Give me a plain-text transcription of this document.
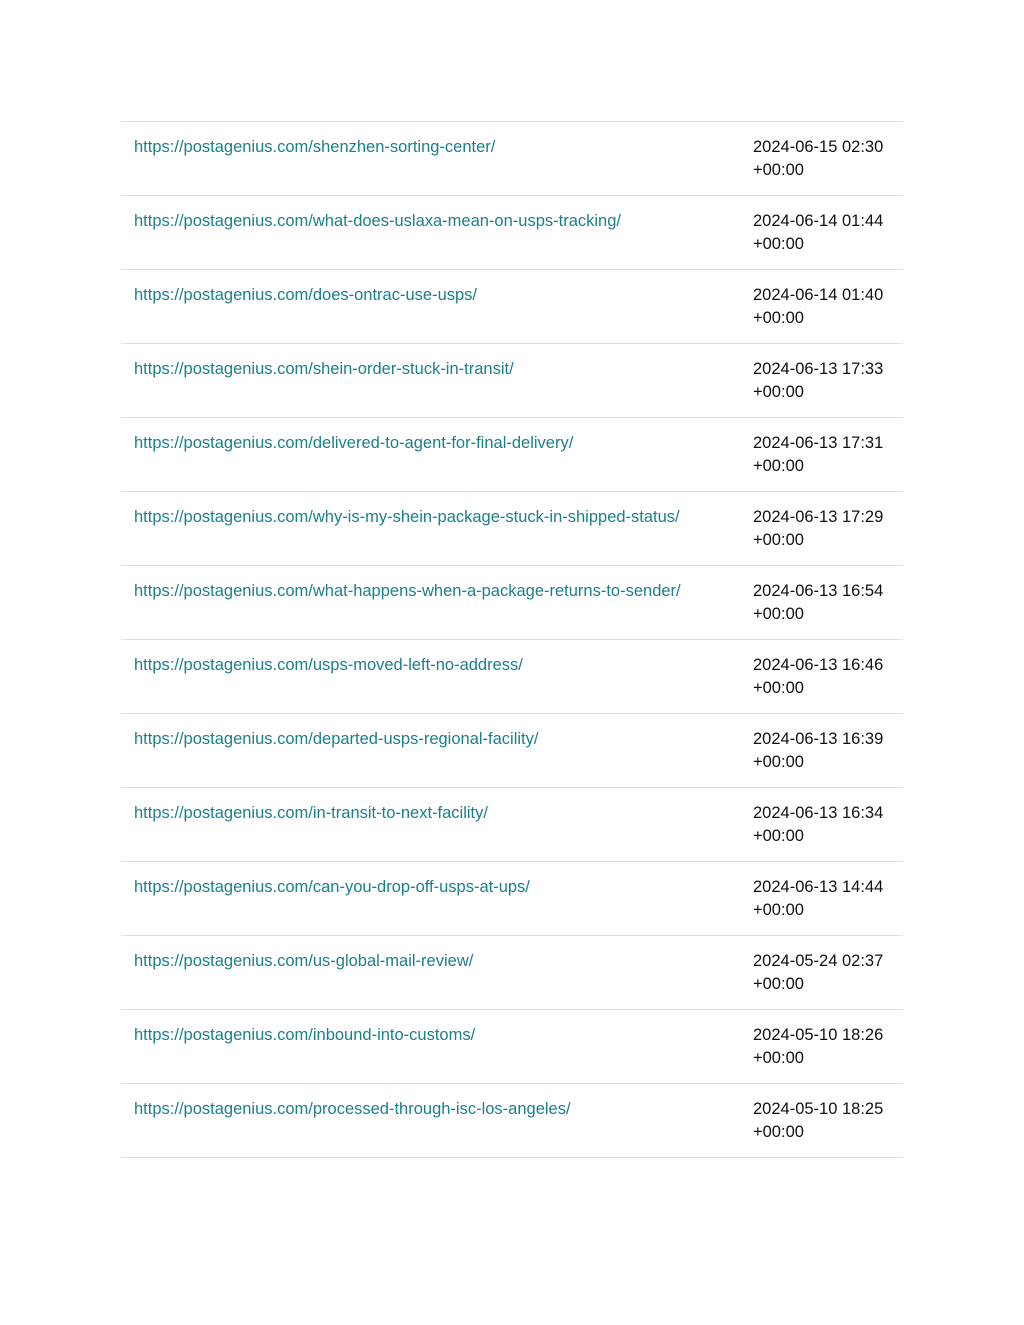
https://postagenius.com/shenzhen-sorting-center/	2024-06-15 02:30
+00:00
https://postagenius.com/what-does-uslaxa-mean-on-usps-tracking/	2024-06-14 01:44
+00:00
https://postagenius.com/does-ontrac-use-usps/	2024-06-14 01:40
+00:00
https://postagenius.com/shein-order-stuck-in-transit/	2024-06-13 17:33
+00:00
https://postagenius.com/delivered-to-agent-for-final-delivery/	2024-06-13 17:31
+00:00
https://postagenius.com/why-is-my-shein-package-stuck-in-shipped-status/	2024-06-13 17:29
+00:00
https://postagenius.com/what-happens-when-a-package-returns-to-sender/	2024-06-13 16:54
+00:00
https://postagenius.com/usps-moved-left-no-address/	2024-06-13 16:46
+00:00
https://postagenius.com/departed-usps-regional-facility/	2024-06-13 16:39
+00:00
https://postagenius.com/in-transit-to-next-facility/	2024-06-13 16:34
+00:00
https://postagenius.com/can-you-drop-off-usps-at-ups/	2024-06-13 14:44
+00:00
https://postagenius.com/us-global-mail-review/	2024-05-24 02:37
+00:00
https://postagenius.com/inbound-into-customs/	2024-05-10 18:26
+00:00
https://postagenius.com/processed-through-isc-los-angeles/	2024-05-10 18:25
+00:00
